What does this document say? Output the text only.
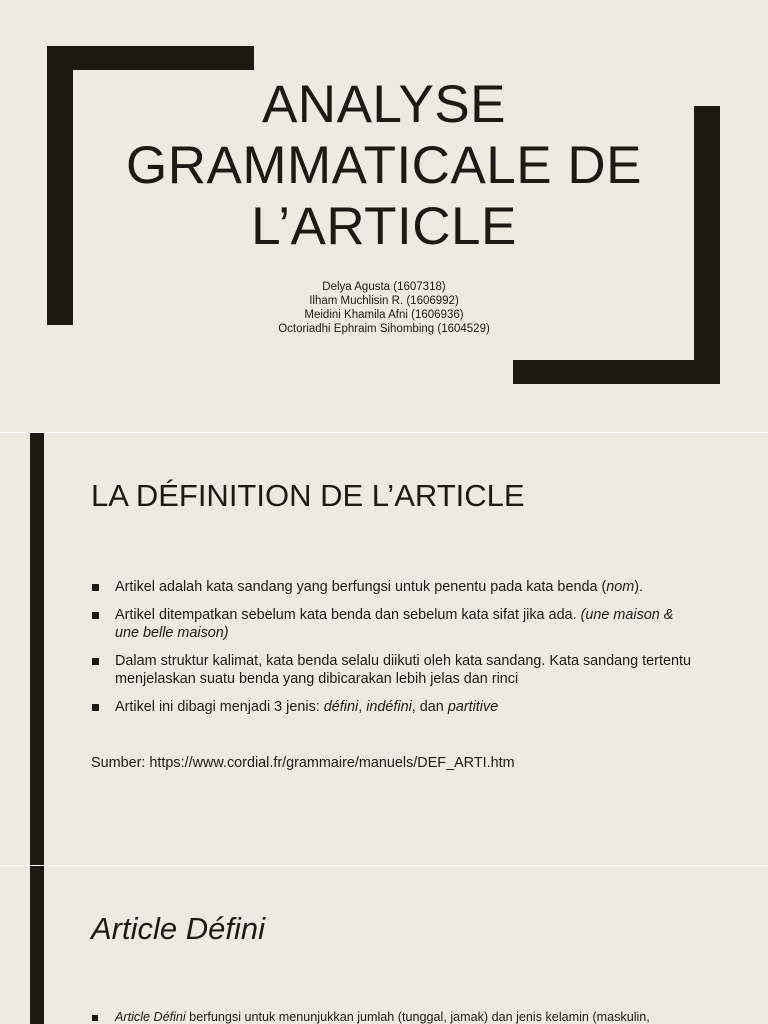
ANALYSE
GRAMMATICALE DE
L’ARTICLE
Delya Agusta (1607318)
Ilham Muchlisin R. (1606992)
Meidini Khamila Afni (1606936)
Octoriadhi Ephraim Sihombing (1604529)
LA DÉFINITION DE L’ARTICLE
Artikel adalah kata sandang yang berfungsi untuk penentu pada kata benda (nom).
Artikel ditempatkan sebelum kata benda dan sebelum kata sifat jika ada. (une maison & une belle maison)
Dalam struktur kalimat, kata benda selalu diikuti oleh kata sandang. Kata sandang tertentu menjelaskan suatu benda yang dibicarakan lebih jelas dan rinci
Artikel ini dibagi menjadi 3 jenis: défini, indéfini, dan partitive
Sumber: https://www.cordial.fr/grammaire/manuels/DEF_ARTI.htm
Article Défini
Article Défini berfungsi untuk menunjukkan jumlah (tunggal, jamak) dan jenis kelamin (maskulin,
